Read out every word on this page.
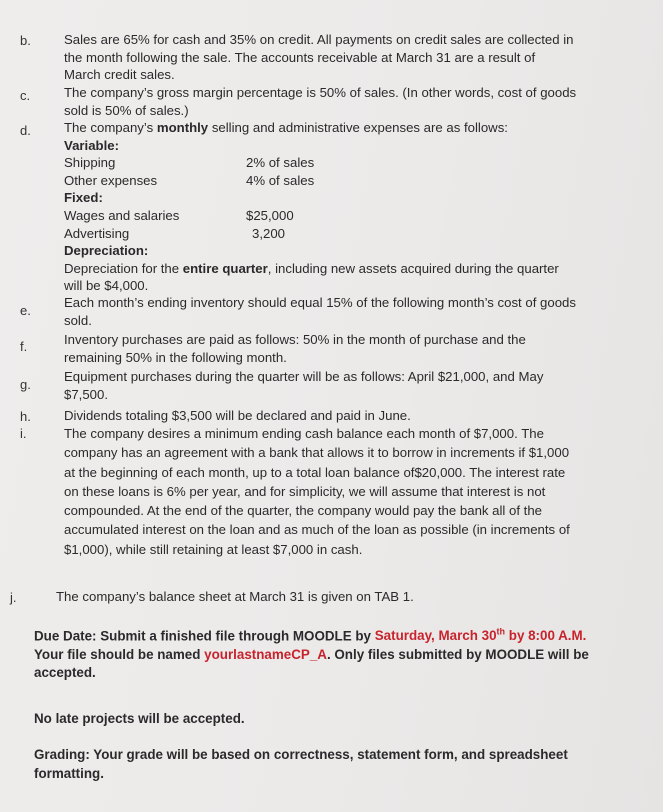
b.	Sales are 65% for cash and 35% on credit. All payments on credit sales are collected in
the month following the sale. The accounts receivable at March 31 are a result of
March credit sales.
c.	The company’s gross margin percentage is 50% of sales. (In other words, cost of goods
sold is 50% of sales.)
d.	The company’s monthly selling and administrative expenses are as follows:
Variable:
Shipping	2% of sales
Other expenses	4% of sales
Fixed:
Wages and salaries	$25,000
Advertising	3,200
Depreciation:
Depreciation for the entire quarter, including new assets acquired during the quarter
will be $4,000.
e.
Each month’s ending inventory should equal 15% of the following month’s cost of goods
sold.
f.	Inventory purchases are paid as follows: 50% in the month of purchase and the
remaining 50% in the following month.
g.
Equipment purchases during the quarter will be as follows: April $21,000, and May
$7,500.
h.	Dividends totaling $3,500 will be declared and paid in June.
i.	The company desires a minimum ending cash balance each month of $7,000. The
company has an agreement with a bank that allows it to borrow in increments if $1,000
at the beginning of each month, up to a total loan balance of$20,000. The interest rate
on these loans is 6% per year, and for simplicity, we will assume that interest is not
compounded. At the end of the quarter, the company would pay the bank all of the
accumulated interest on the loan and as much of the loan as possible (in increments of
$1,000), while still retaining at least $7,000 in cash.
j.	The company’s balance sheet at March 31 is given on TAB 1.
Due Date: Submit a finished file through MOODLE by Saturday, March 30th by 8:00 A.M.
Your file should be named yourlastnameCP_A. Only files submitted by MOODLE will be
accepted.
No late projects will be accepted.
Grading: Your grade will be based on correctness, statement form, and spreadsheet
formatting.
